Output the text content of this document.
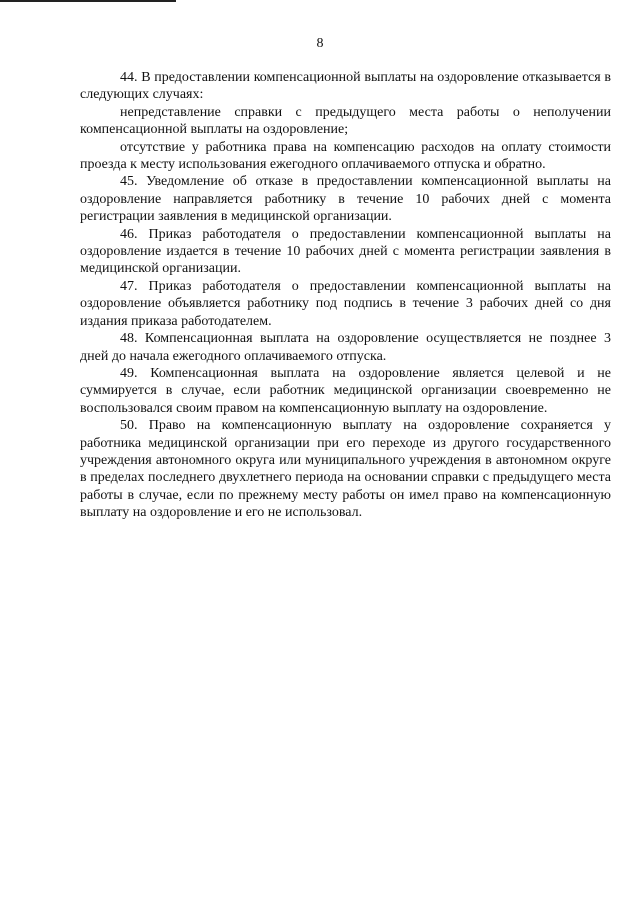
8

44. В предоставлении компенсационной выплаты на оздоровление отказывается в следующих случаях:

непредставление справки с предыдущего места работы о неполучении компенсационной выплаты на оздоровление;

отсутствие у работника права на компенсацию расходов на оплату стоимости проезда к месту использования ежегодного оплачиваемого отпуска и обратно.

45. Уведомление об отказе в предоставлении компенсационной выплаты на оздоровление направляется работнику в течение 10 рабочих дней с момента регистрации заявления в медицинской организации.

46. Приказ работодателя о предоставлении компенсационной выплаты на оздоровление издается в течение 10 рабочих дней с момента регистрации заявления в медицинской организации.

47. Приказ работодателя о предоставлении компенсационной выплаты на оздоровление объявляется работнику под подпись в течение 3 рабочих дней со дня издания приказа работодателем.

48. Компенсационная выплата на оздоровление осуществляется не позднее 3 дней до начала ежегодного оплачиваемого отпуска.

49. Компенсационная выплата на оздоровление является целевой и не суммируется в случае, если работник медицинской организации своевременно не воспользовался своим правом на компенсационную выплату на оздоровление.

50. Право на компенсационную выплату на оздоровление сохраняется у работника медицинской организации при его переходе из другого государственного учреждения автономного округа или муниципального учреждения в автономном округе в пределах последнего двухлетнего периода на основании справки с предыдущего места работы в случае, если по прежнему месту работы он имел право на компенсационную выплату на оздоровление и его не использовал.
